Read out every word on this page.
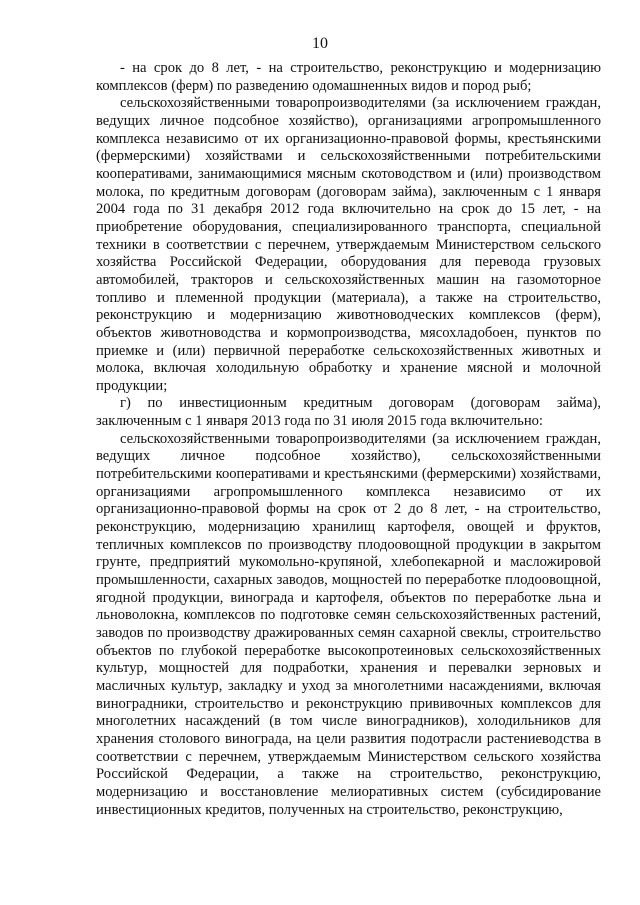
10

- на срок до 8 лет, - на строительство, реконструкцию и модернизацию комплексов (ферм) по разведению одомашненных видов и пород рыб;

сельскохозяйственными товаропроизводителями (за исключением граждан, ведущих личное подсобное хозяйство), организациями агропромышленного комплекса независимо от их организационно-правовой формы, крестьянскими (фермерскими) хозяйствами и сельскохозяйственными потребительскими кооперативами, занимающимися мясным скотоводством и (или) производством молока, по кредитным договорам (договорам займа), заключенным с 1 января 2004 года по 31 декабря 2012 года включительно на срок до 15 лет, - на приобретение оборудования, специализированного транспорта, специальной техники в соответствии с перечнем, утверждаемым Министерством сельского хозяйства Российской Федерации, оборудования для перевода грузовых автомобилей, тракторов и сельскохозяйственных машин на газомоторное топливо и племенной продукции (материала), а также на строительство, реконструкцию и модернизацию животноводческих комплексов (ферм), объектов животноводства и кормопроизводства, мясохладобоен, пунктов по приемке и (или) первичной переработке сельскохозяйственных животных и молока, включая холодильную обработку и хранение мясной и молочной продукции;

г) по инвестиционным кредитным договорам (договорам займа), заключенным с 1 января 2013 года по 31 июля 2015 года включительно:

сельскохозяйственными товаропроизводителями (за исключением граждан, ведущих личное подсобное хозяйство), сельскохозяйственными потребительскими кооперативами и крестьянскими (фермерскими) хозяйствами, организациями агропромышленного комплекса независимо от их организационно-правовой формы на срок от 2 до 8 лет, - на строительство, реконструкцию, модернизацию хранилищ картофеля, овощей и фруктов, тепличных комплексов по производству плодоовощной продукции в закрытом грунте, предприятий мукомольно-крупяной, хлебопекарной и масложировой промышленности, сахарных заводов, мощностей по переработке плодоовощной, ягодной продукции, винограда и картофеля, объектов по переработке льна и льноволокна, комплексов по подготовке семян сельскохозяйственных растений, заводов по производству дражированных семян сахарной свеклы, строительство объектов по глубокой переработке высокопротеиновых сельскохозяйственных культур, мощностей для подработки, хранения и перевалки зерновых и масличных культур, закладку и уход за многолетними насаждениями, включая виноградники, строительство и реконструкцию прививочных комплексов для многолетних насаждений (в том числе виноградников), холодильников для хранения столового винограда, на цели развития подотрасли растениеводства в соответствии с перечнем, утверждаемым Министерством сельского хозяйства Российской Федерации, а также на строительство, реконструкцию, модернизацию и восстановление мелиоративных систем (субсидирование инвестиционных кредитов, полученных на строительство, реконструкцию,
